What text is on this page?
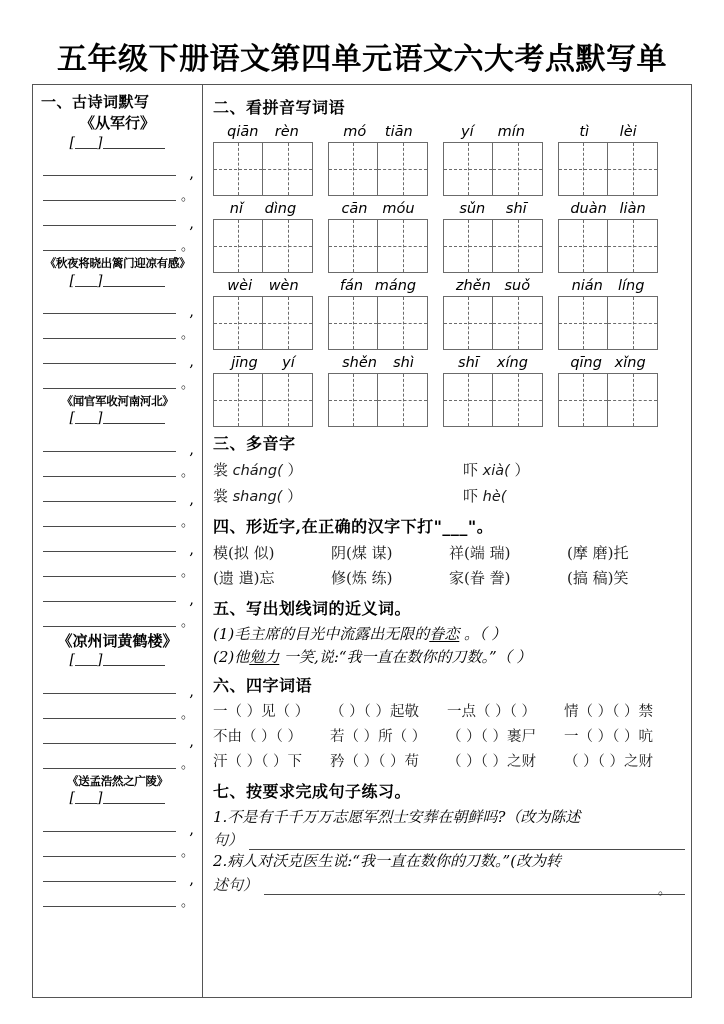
五年级下册语文第四单元语文六大考点默写单
一、古诗词默写
《从军行》
[ ]
,
。
,
。
《秋夜将晓出篱门迎凉有感》
[ ]
,
。
,
。
《闻官军收河南河北》
[ ]
,
。
,
。
,
。
,
。
《凉州词黄鹤楼》
[ ]
,
。
,
。
《送孟浩然之广陵》
[ ]
,
。
,
。
二、看拼音写词语
qiān rèn	mó tiān	yí mín	tì lèi
nǐ dìng	cān móu	sǔn shī	duàn liàn
wèi wèn	fán máng	zhěn suǒ	nián líng
jīng yí	shěn shì	shī xíng	qīng xǐng
三、多音字
裳 cháng( ）	吓 xià( ）
裳 shang( ）	吓 hè(
四、形近字,在正确的汉字下打"___"。
模(拟 似)	阴(煤 谋)	祥(端 瑞)	(摩 磨)托
(遗 遣)忘	修(炼 练)	家(眷 誊)	(搞 稿)笑
五、写出划线词的近义词。
(1)毛主席的目光中流露出无限的眷恋 。（ ）
(2)他勉力 一笑,说:“我一直在数你的刀数。”（ ）
六、四字词语
一（ ）见（ ）	（ ）（ ）起敬	一点（ ）（ ）	情（ ）（ ）禁
不由（ ）（ ）	若（ ）所（ ）	（ ）（ ）裹尸	一（ ）（ ）吭
汗（ ）（ ）下	矜（ ）（ ）苟	（ ）（ ）之财	（ ）（ ）之财
七、按要求完成句子练习。
1.不是有千千万万志愿军烈士安葬在朝鲜吗?（改为陈述
句）
2.病人对沃克医生说:“我一直在数你的刀数。”(改为转
述句）
。
